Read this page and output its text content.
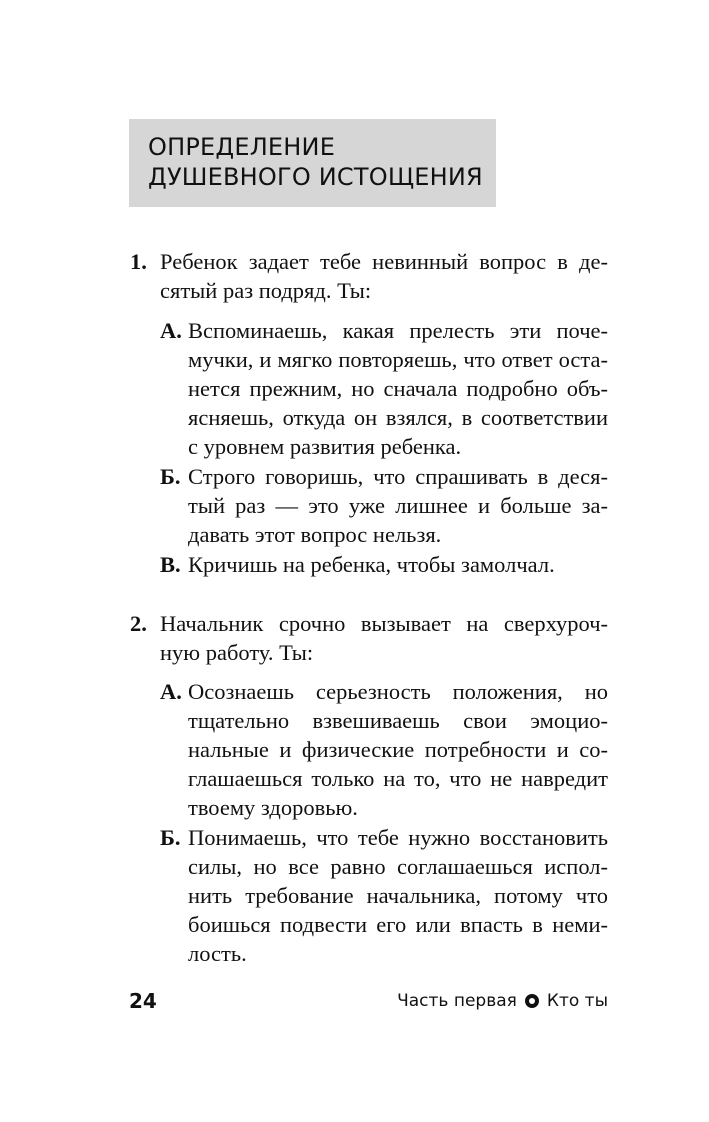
ОПРЕДЕЛЕНИЕ
ДУШЕВНОГО ИСТОЩЕНИЯ
1. Ребенок задает тебе невинный вопрос в де-
сятый раз подряд. Ты:
А. Вспоминаешь, какая прелесть эти поче-
мучки, и мягко повторяешь, что ответ оста-
нется прежним, но сначала подробно объ-
ясняешь, откуда он взялся, в соответствии
с уровнем развития ребенка.
Б. Строго говоришь, что спрашивать в деся-
тый раз — это уже лишнее и больше за-
давать этот вопрос нельзя.
В. Кричишь на ребенка, чтобы замолчал.
2. Начальник срочно вызывает на сверхуроч-
ную работу. Ты:
А. Осознаешь серьезность положения, но
тщательно взвешиваешь свои эмоцио-
нальные и физические потребности и со-
глашаешься только на то, что не навредит
твоему здоровью.
Б. Понимаешь, что тебе нужно восстановить
силы, но все равно соглашаешься испол-
нить требование начальника, потому что
боишься подвести его или впасть в неми-
лость.
24	Часть первая Кто ты
